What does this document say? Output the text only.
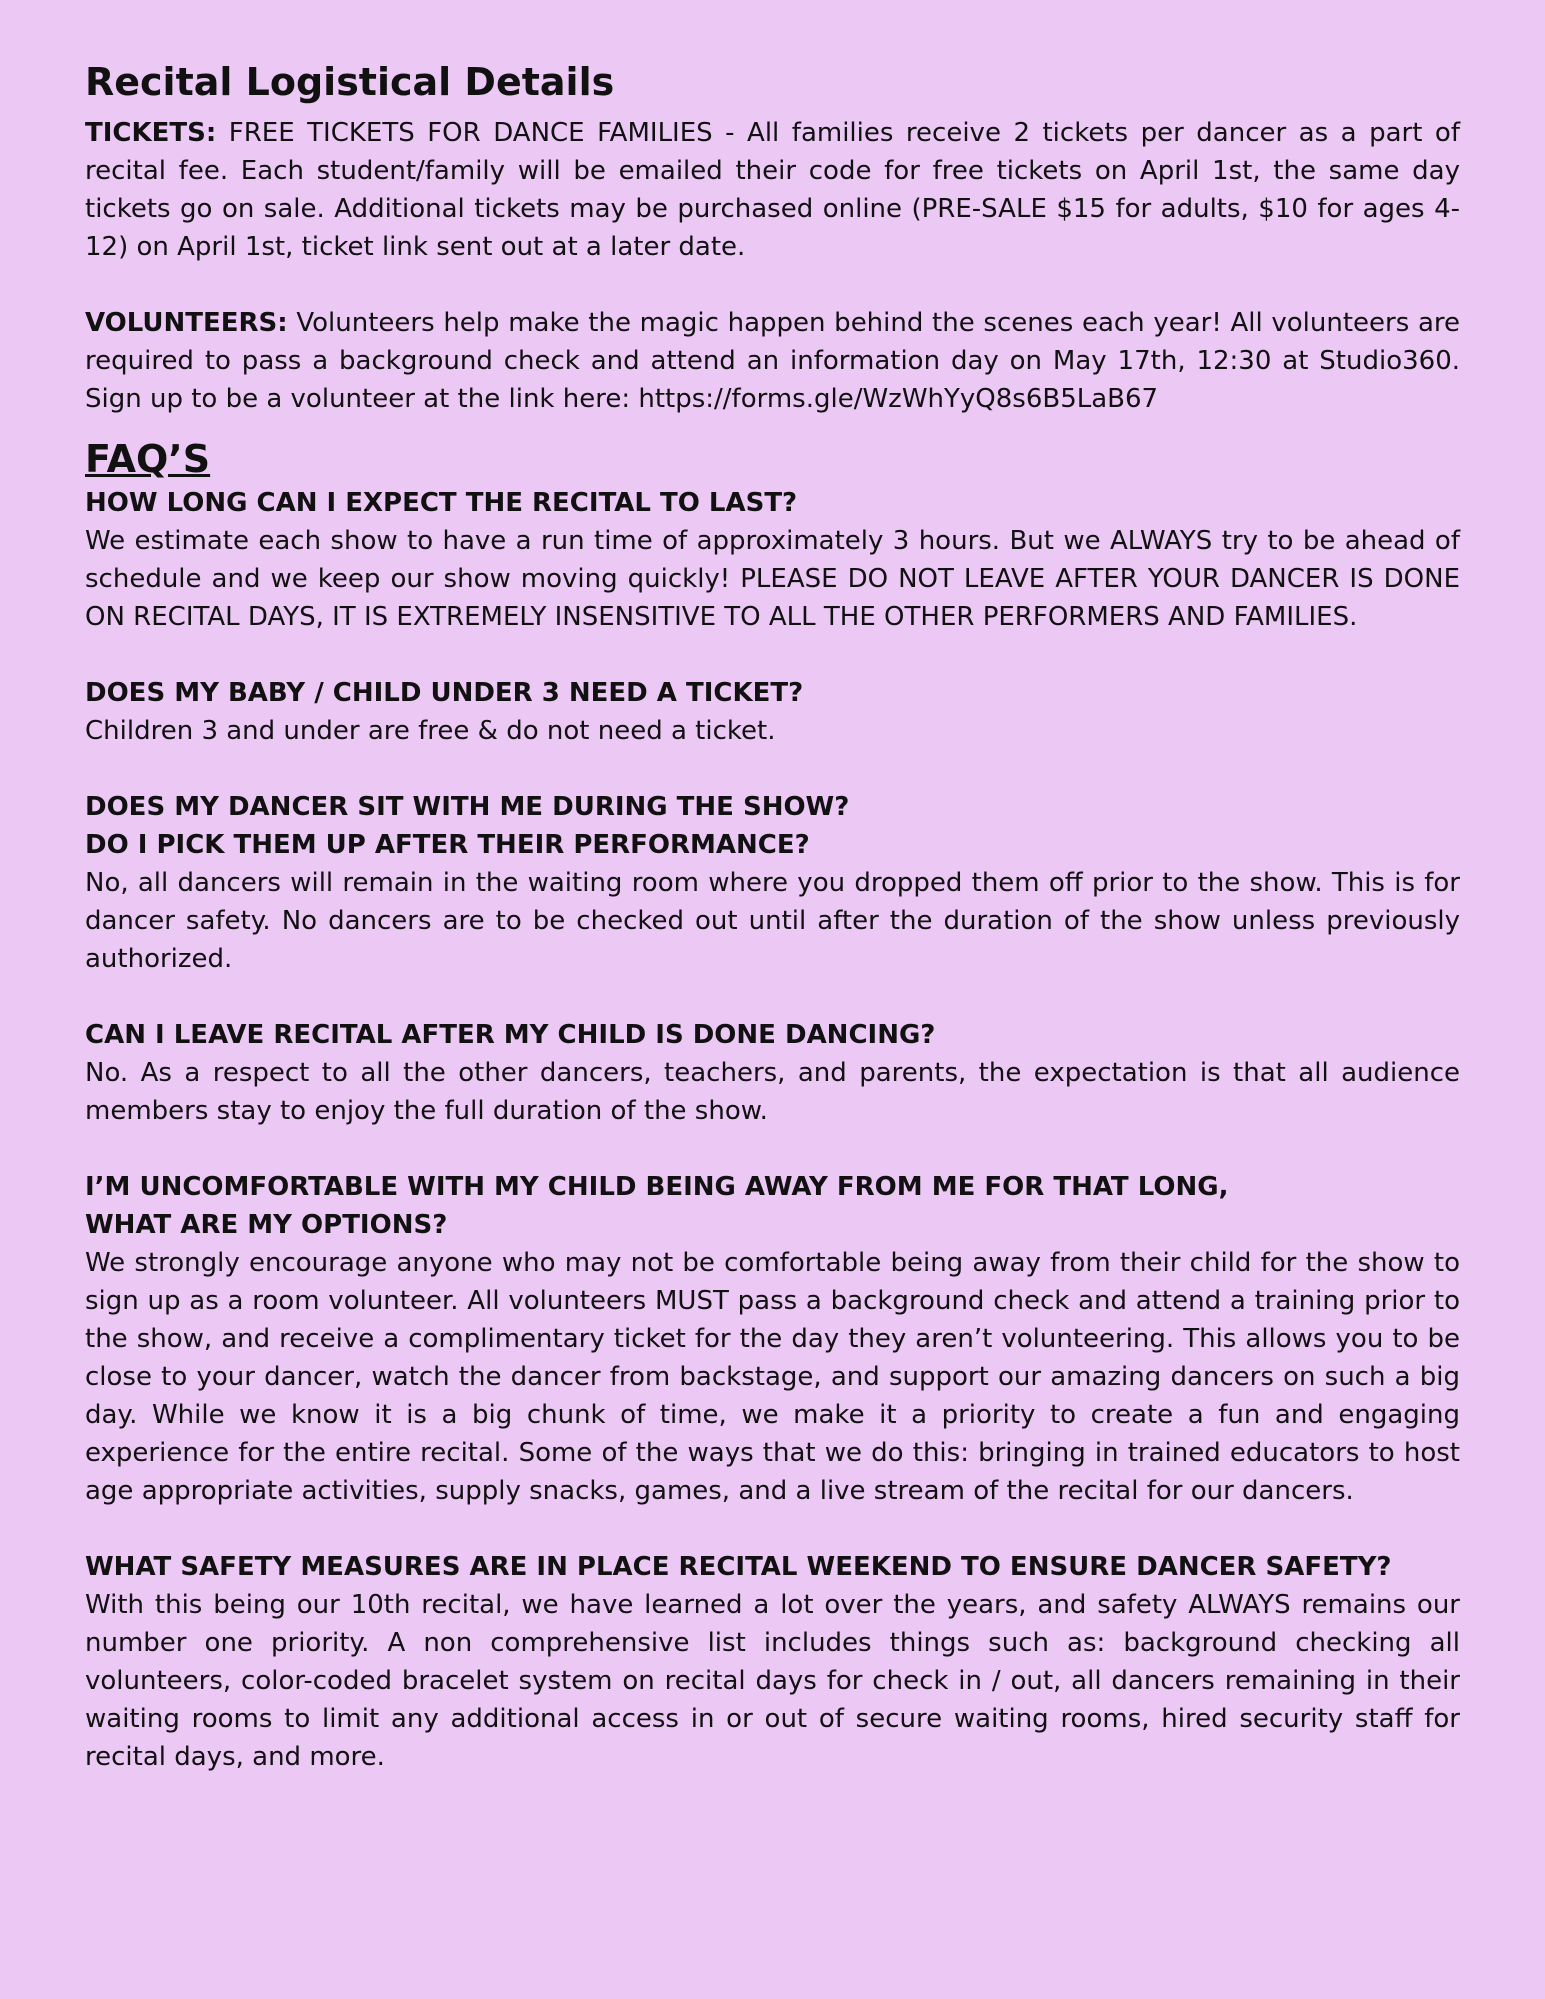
Recital Logistical Details

TICKETS: FREE TICKETS FOR DANCE FAMILIES - All families receive 2 tickets per dancer as a part of recital fee. Each student/family will be emailed their code for free tickets on April 1st, the same day tickets go on sale. Additional tickets may be purchased online (PRE-SALE $15 for adults, $10 for ages 4-12) on April 1st, ticket link sent out at a later date.

VOLUNTEERS: Volunteers help make the magic happen behind the scenes each year! All volunteers are required to pass a background check and attend an information day on May 17th, 12:30 at Studio360. Sign up to be a volunteer at the link here: https://forms.gle/WzWhYyQ8s6B5LaB67

FAQ’S
HOW LONG CAN I EXPECT THE RECITAL TO LAST?

We estimate each show to have a run time of approximately 3 hours. But we ALWAYS try to be ahead of schedule and we keep our show moving quickly! PLEASE DO NOT LEAVE AFTER YOUR DANCER IS DONE ON RECITAL DAYS, IT IS EXTREMELY INSENSITIVE TO ALL THE OTHER PERFORMERS AND FAMILIES.

DOES MY BABY / CHILD UNDER 3 NEED A TICKET?

Children 3 and under are free & do not need a ticket.

DOES MY DANCER SIT WITH ME DURING THE SHOW?
DO I PICK THEM UP AFTER THEIR PERFORMANCE?

No, all dancers will remain in the waiting room where you dropped them off prior to the show. This is for dancer safety. No dancers are to be checked out until after the duration of the show unless previously authorized.

CAN I LEAVE RECITAL AFTER MY CHILD IS DONE DANCING?

No. As a respect to all the other dancers, teachers, and parents, the expectation is that all audience members stay to enjoy the full duration of the show.

I’M UNCOMFORTABLE WITH MY CHILD BEING AWAY FROM ME FOR THAT LONG,
WHAT ARE MY OPTIONS?

We strongly encourage anyone who may not be comfortable being away from their child for the show to sign up as a room volunteer. All volunteers MUST pass a background check and attend a training prior to the show, and receive a complimentary ticket for the day they aren’t volunteering. This allows you to be close to your dancer, watch the dancer from backstage, and support our amazing dancers on such a big day. While we know it is a big chunk of time, we make it a priority to create a fun and engaging experience for the entire recital. Some of the ways that we do this: bringing in trained educators to host age appropriate activities, supply snacks, games, and a live stream of the recital for our dancers.

WHAT SAFETY MEASURES ARE IN PLACE RECITAL WEEKEND TO ENSURE DANCER SAFETY?

With this being our 10th recital, we have learned a lot over the years, and safety ALWAYS remains our number one priority. A non comprehensive list includes things such as: background checking all volunteers, color-coded bracelet system on recital days for check in / out, all dancers remaining in their waiting rooms to limit any additional access in or out of secure waiting rooms, hired security staff for recital days, and more.
